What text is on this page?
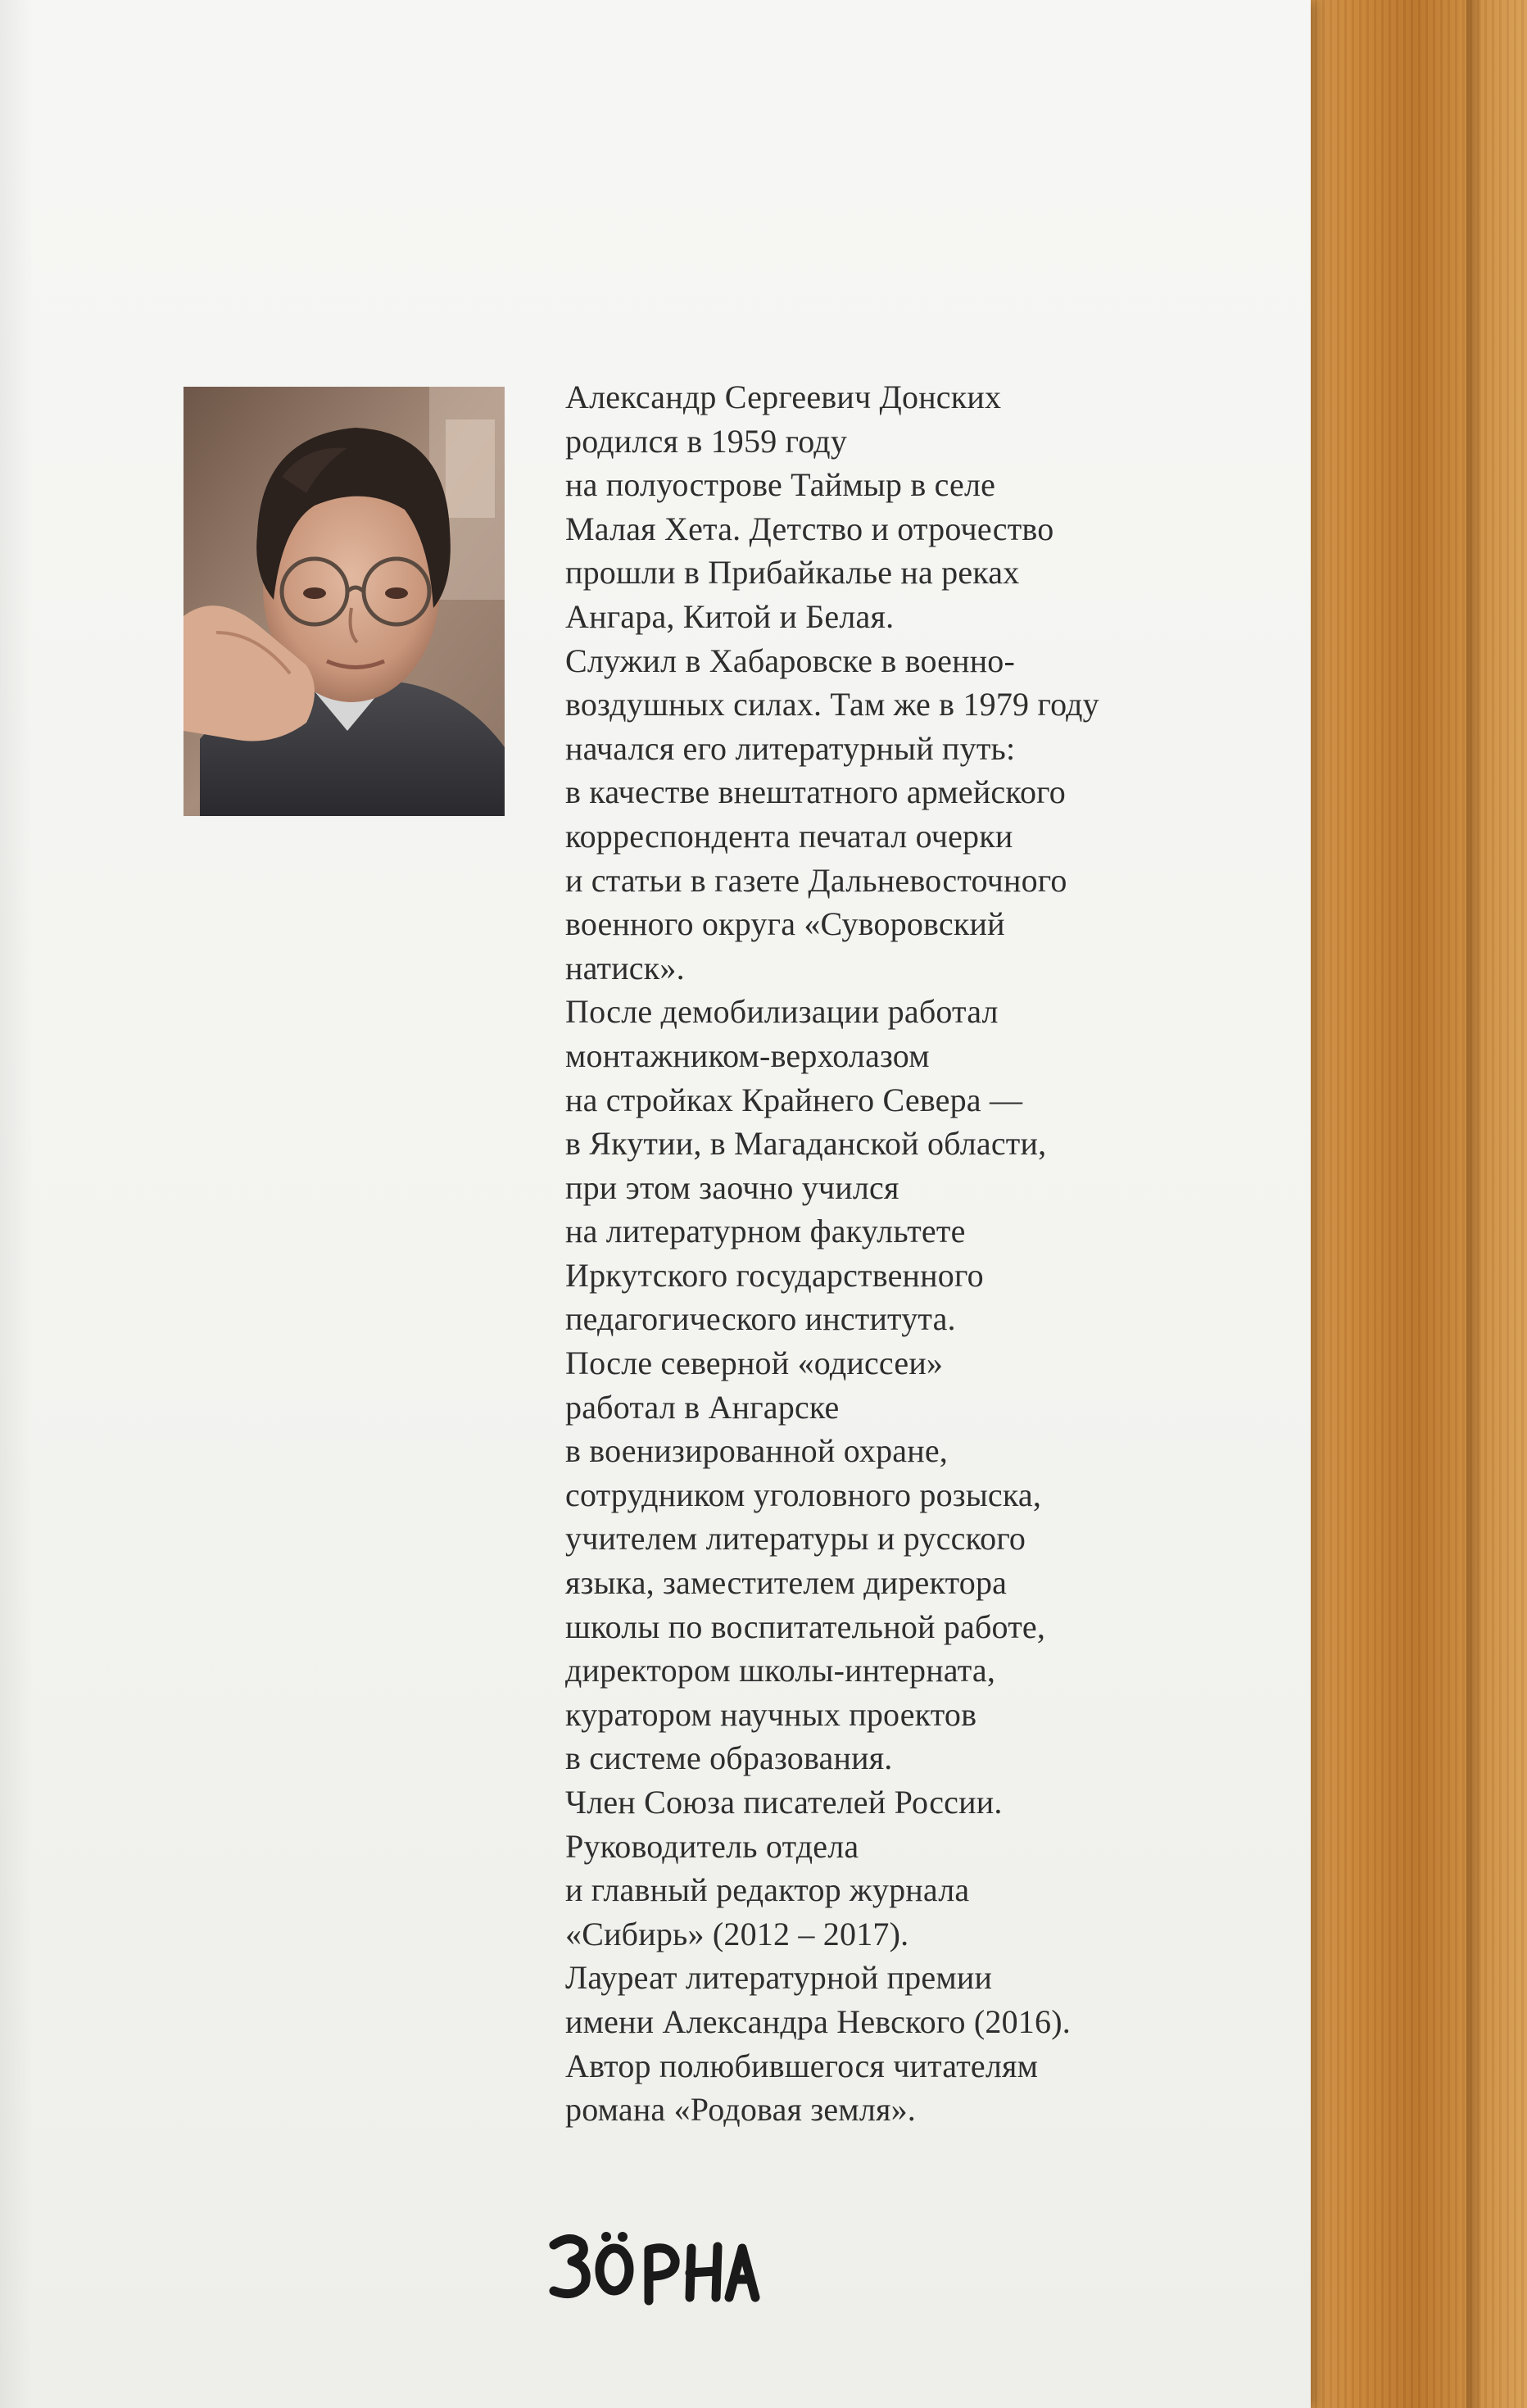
Александр Сергеевич Донских
родился в 1959 году
на полуострове Таймыр в селе
Малая Хета. Детство и отрочество
прошли в Прибайкалье на реках
Ангара, Китой и Белая.
Служил в Хабаровске в военно-
воздушных силах. Там же в 1979 году
начался его литературный путь:
в качестве внештатного армейского
корреспондента печатал очерки
и статьи в газете Дальневосточного
военного округа «Суворовский
натиск».
После демобилизации работал
монтажником-верхолазом
на стройках Крайнего Севера —
в Якутии, в Магаданской области,
при этом заочно учился
на литературном факультете
Иркутского государственного
педагогического института.
После северной «одиссеи»
работал в Ангарске
в военизированной охране,
сотрудником уголовного розыска,
учителем литературы и русского
языка, заместителем директора
школы по воспитательной работе,
директором школы-интерната,
куратором научных проектов
в системе образования.
Член Союза писателей России.
Руководитель отдела
и главный редактор журнала
«Сибирь» (2012 – 2017).
Лауреат литературной премии
имени Александра Невского (2016).
Автор полюбившегося читателям
романа «Родовая земля».
